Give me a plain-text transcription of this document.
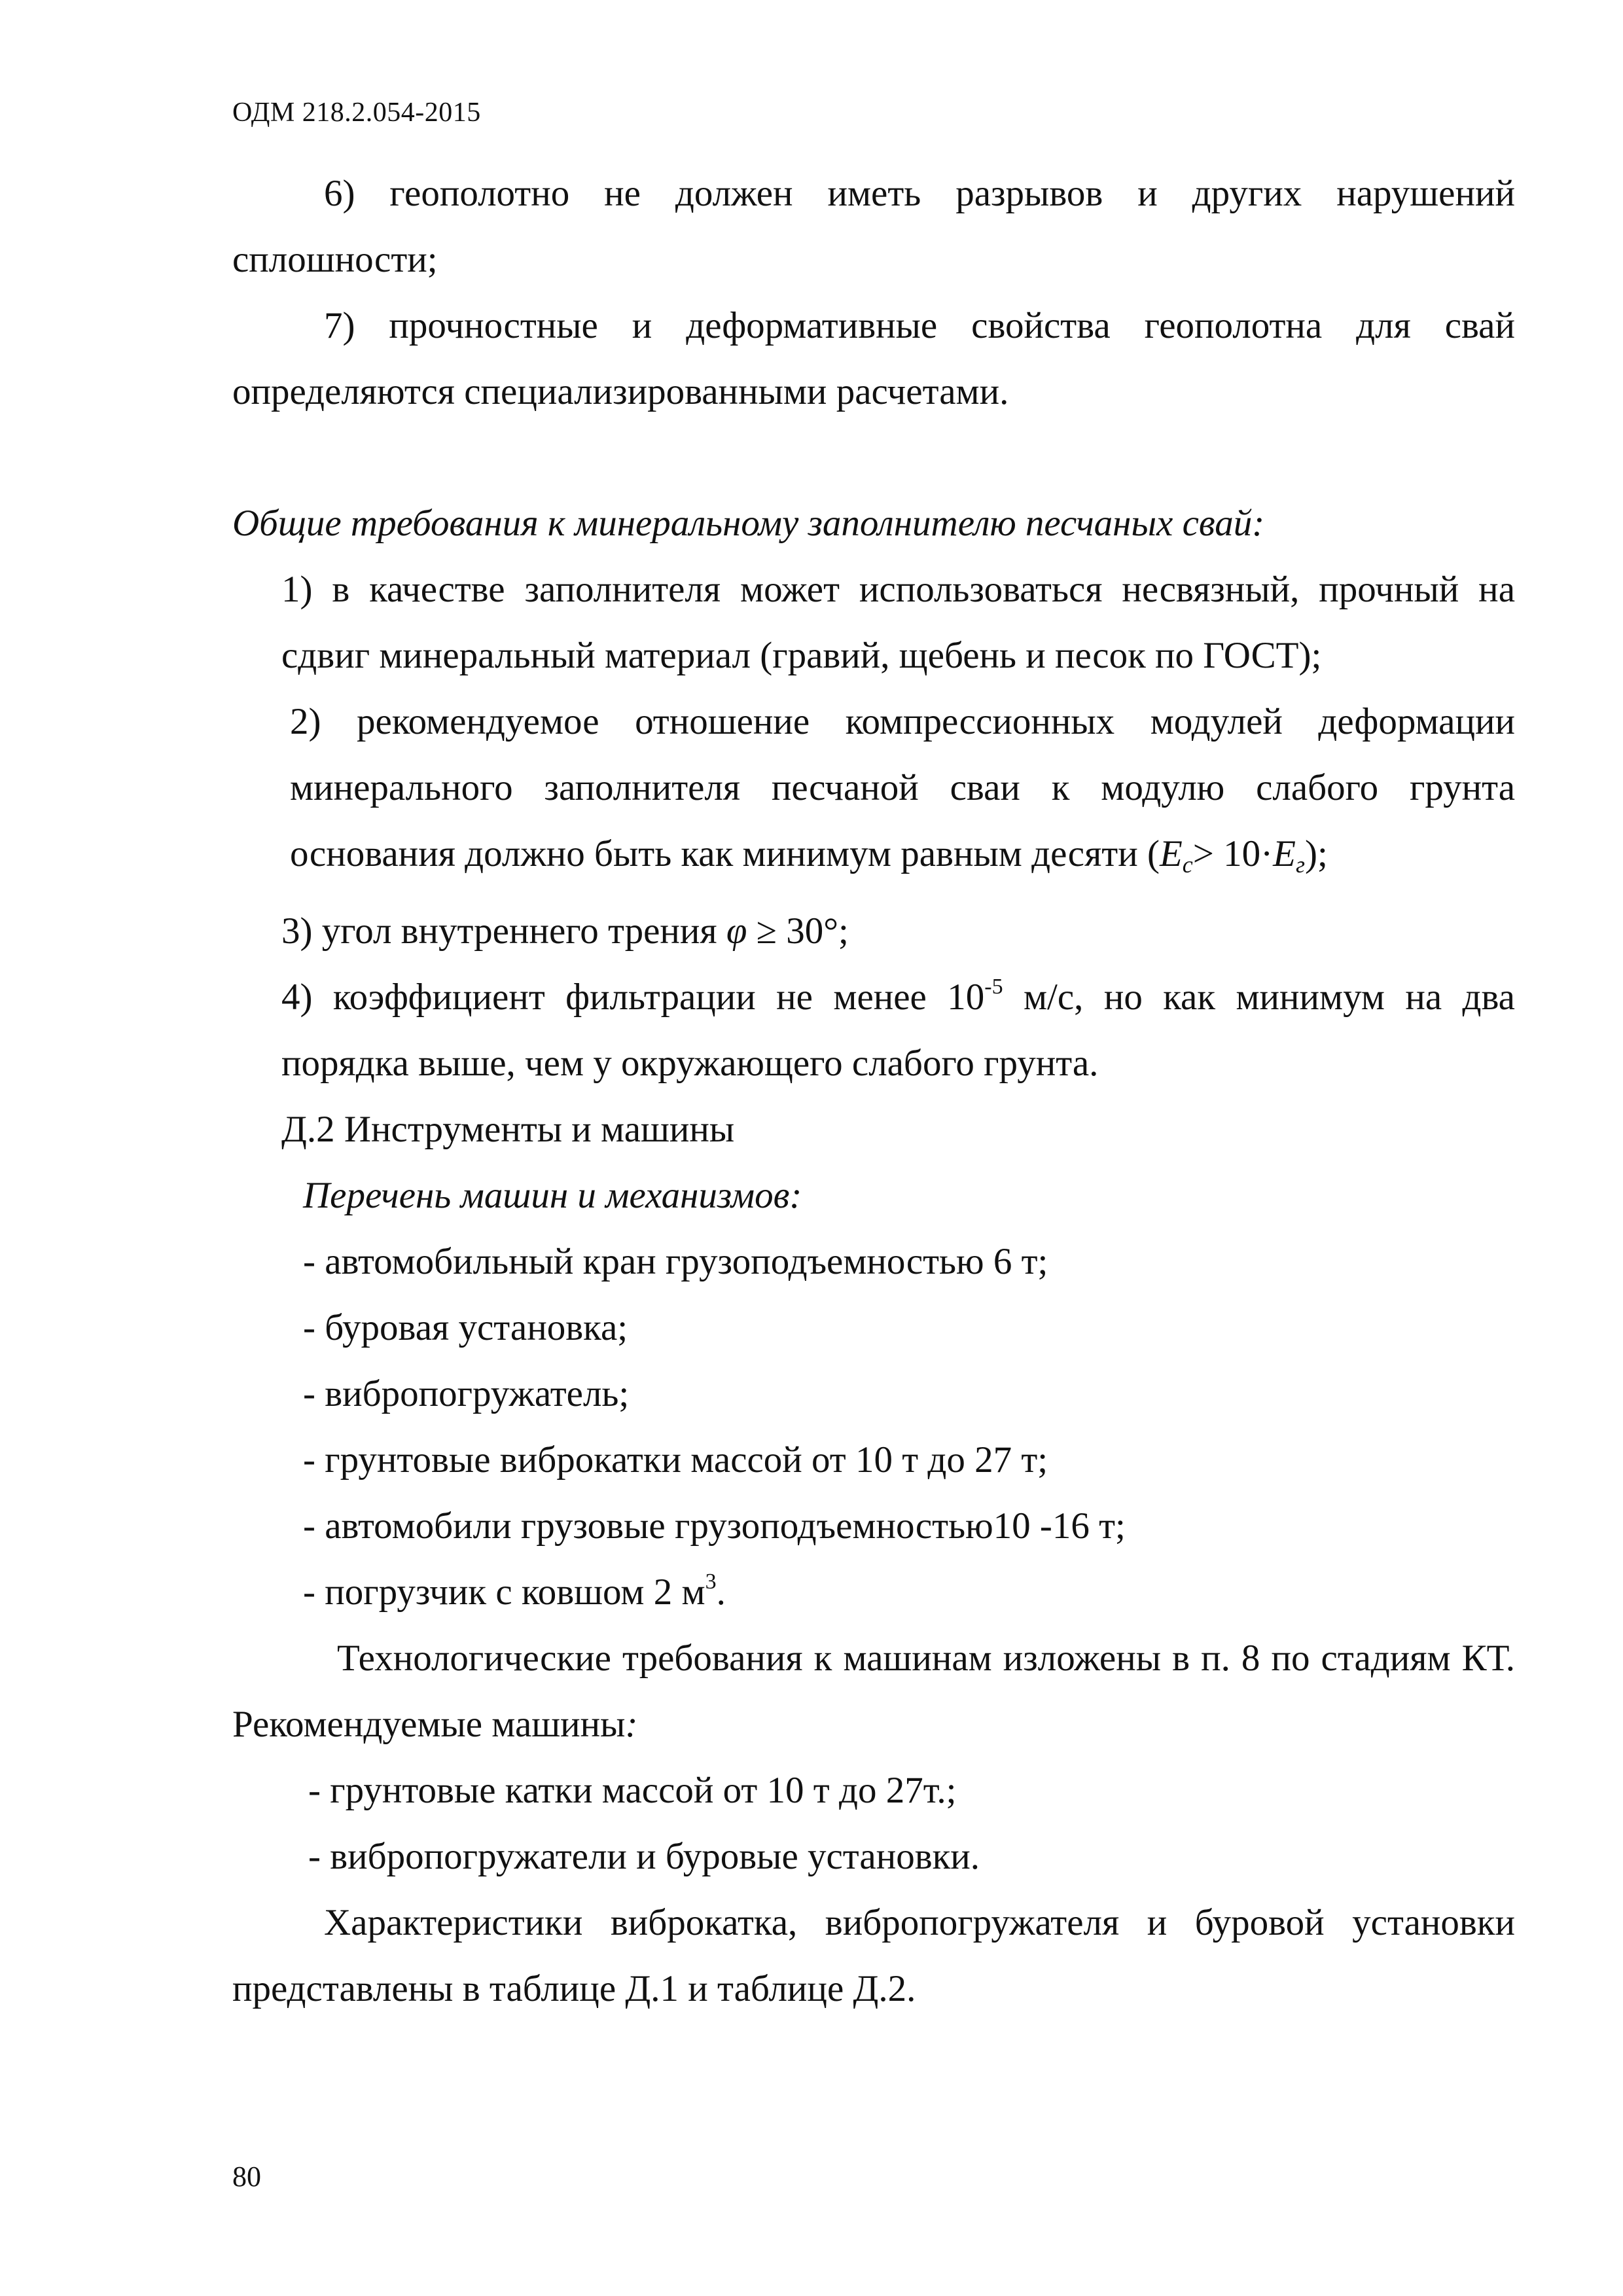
ОДМ 218.2.054-2015

6) геополотно не должен иметь разрывов и других нарушений сплошности;

7) прочностные и деформативные свойства геополотна для свай определяются специализированными расчетами.

Общие требования к минеральному заполнителю песчаных свай:

1) в качестве заполнителя может использоваться несвязный, прочный на сдвиг минеральный материал (гравий, щебень и песок по ГОСТ);

2) рекомендуемое отношение компрессионных модулей деформации минерального заполнителя песчаной сваи к модулю слабого грунта основания должно быть как минимум равным десяти $(E_c> 10\cdot E_г)$;

3) угол внутреннего трения φ ≥ 30°;

4) коэффициент фильтрации не менее $10^{-5}$ м/с, но как минимум на два порядка выше, чем у окружающего слабого грунта.

Д.2 Инструменты и машины

Перечень машин и механизмов:

- автомобильный кран грузоподъемностью 6 т;

- буровая установка;

- вибропогружатель;

- грунтовые виброкатки массой от 10 т до 27 т;

- автомобили грузовые грузоподъемностью10 -16 т;

- погрузчик с ковшом 2 $м^3$.

Технологические требования к машинам изложены в п. 8 по стадиям КТ. Рекомендуемые машины:

- грунтовые катки массой от 10 т до 27т.;

- вибропогружатели и буровые установки.

Характеристики виброкатка, вибропогружателя и буровой установки представлены в таблице Д.1 и таблице Д.2.

80
